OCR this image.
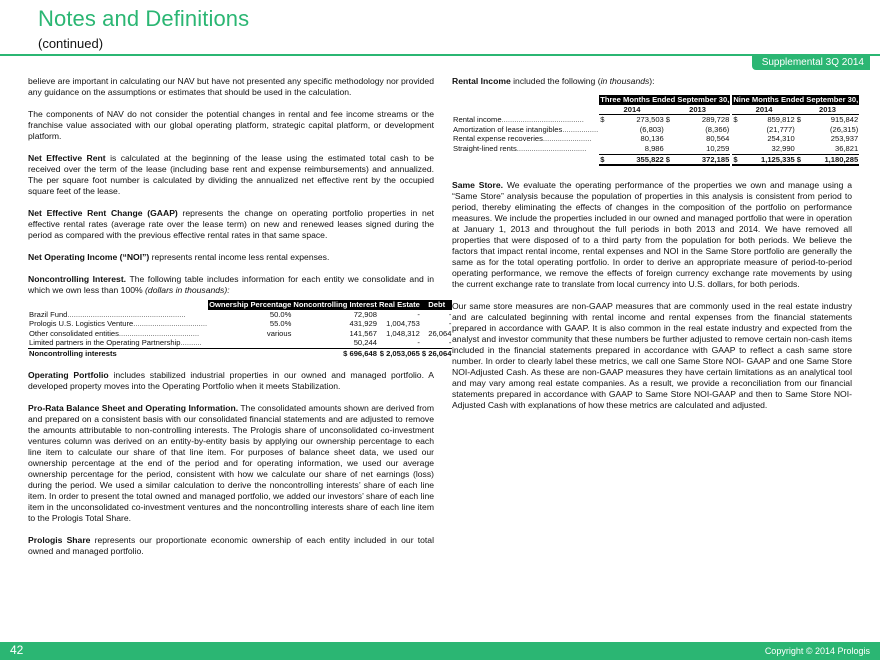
Notes and Definitions
(continued)
Supplemental 3Q 2014

believe are important in calculating our NAV but have not presented any specific methodology nor provided any guidance on the assumptions or estimates that should be used in the calculation.

The components of NAV do not consider the potential changes in rental and fee income streams or the franchise value associated with our global operating platform, strategic capital platform, or development platform.

Net Effective Rent is calculated at the beginning of the lease using the estimated total cash to be received over the term of the lease (including base rent and expense reimbursements) and annualized. The per square foot number is calculated by dividing the annualized net effective rent by the occupied square feet of the lease.

Net Effective Rent Change (GAAP) represents the change on operating portfolio properties in net effective rental rates (average rate over the lease term) on new and renewed leases signed during the period as compared with the previous effective rental rates in that same space.

Net Operating Income (“NOI”) represents rental income less rental expenses.

Noncontrolling Interest. The following table includes information for each entity we consolidate and in which we own less than 100% (dollars in thousands):

	Ownership Percentage	Noncontrolling Interest	Real Estate	Debt
Brazil Fund........................................................	50.0%	72,908	-	-
Prologis U.S. Logistics Venture...................................	55.0%	431,929	1,004,753	-
Other consolidated entities......................................	various	141,567	1,048,312	26,064
Limited partners in the Operating Partnership..........		50,244	-	-
Noncontrolling interests		$ 696,648	$ 2,053,065	$ 26,064

Operating Portfolio includes stabilized industrial properties in our owned and managed portfolio. A developed property moves into the Operating Portfolio when it meets Stabilization.

Pro-Rata Balance Sheet and Operating Information. The consolidated amounts shown are derived from and prepared on a consistent basis with our consolidated financial statements and are adjusted to remove the amounts attributable to non-controlling interests. The Prologis share of unconsolidated co-investment ventures column was derived on an entity-by-entity basis by applying our ownership percentage to each line item to calculate our share of that line item. For purposes of balance sheet data, we used our ownership percentage at the end of the period and for operating information, we used our average ownership percentage for the period, consistent with how we calculate our share of net earnings (loss) during the period. We used a similar calculation to derive the noncontrolling interests’ share of each line item. In order to present the total owned and managed portfolio, we added our investors’ share of each line item in the unconsolidated co-investment ventures and the noncontrolling interests share of each line item to the Prologis Total Share.

Prologis Share represents our proportionate economic ownership of each entity included in our total owned and managed portfolio.

Rental Income included the following (in thousands):

	Three Months Ended September 30,					Nine Months Ended September 30,			
	2014		2013			2014		2013	
Rental income.......................................	$	273,503	$	289,728		$	859,812	$	915,842
Amortization of lease intangibles.................		(6,803)		(8,366)			(21,777)		(26,315)
Rental expense recoveries.......................		80,136		80,564			254,310		253,937
Straight-lined rents.................................		8,986		10,259			32,990		36,821
	$	355,822	$	372,185		$	1,125,335	$	1,180,285

Same Store. We evaluate the operating performance of the properties we own and manage using a “Same Store” analysis because the population of properties in this analysis is consistent from period to period, thereby eliminating the effects of changes in the composition of the portfolio on performance measures. We include the properties included in our owned and managed portfolio that were in operation at January 1, 2013 and throughout the full periods in both 2013 and 2014. We have removed all properties that were disposed of to a third party from the population for both periods. We believe the factors that impact rental income, rental expenses and NOI in the Same Store portfolio are generally the same as for the total operating portfolio. In order to derive an appropriate measure of period-to-period operating performance, we remove the effects of foreign currency exchange rate movements by using the current exchange rate to translate from local currency into U.S. dollars, for both periods.

Our same store measures are non-GAAP measures that are commonly used in the real estate industry and are calculated beginning with rental income and rental expenses from the financial statements prepared in accordance with GAAP. It is also common in the real estate industry and expected from the analyst and investor community that these numbers be further adjusted to remove certain non-cash items included in the financial statements prepared in accordance with GAAP to reflect a cash same store number. In order to clearly label these metrics, we call one Same Store NOI- GAAP and one Same Store NOI-Adjusted Cash. As these are non-GAAP measures they have certain limitations as an analytical tool and may vary among real estate companies. As a result, we provide a reconciliation from our financial statements prepared in accordance with GAAP to Same Store NOI-GAAP and then to Same Store NOI-Adjusted Cash with explanations of how these metrics are calculated and adjusted.

42	Copyright © 2014 Prologis
